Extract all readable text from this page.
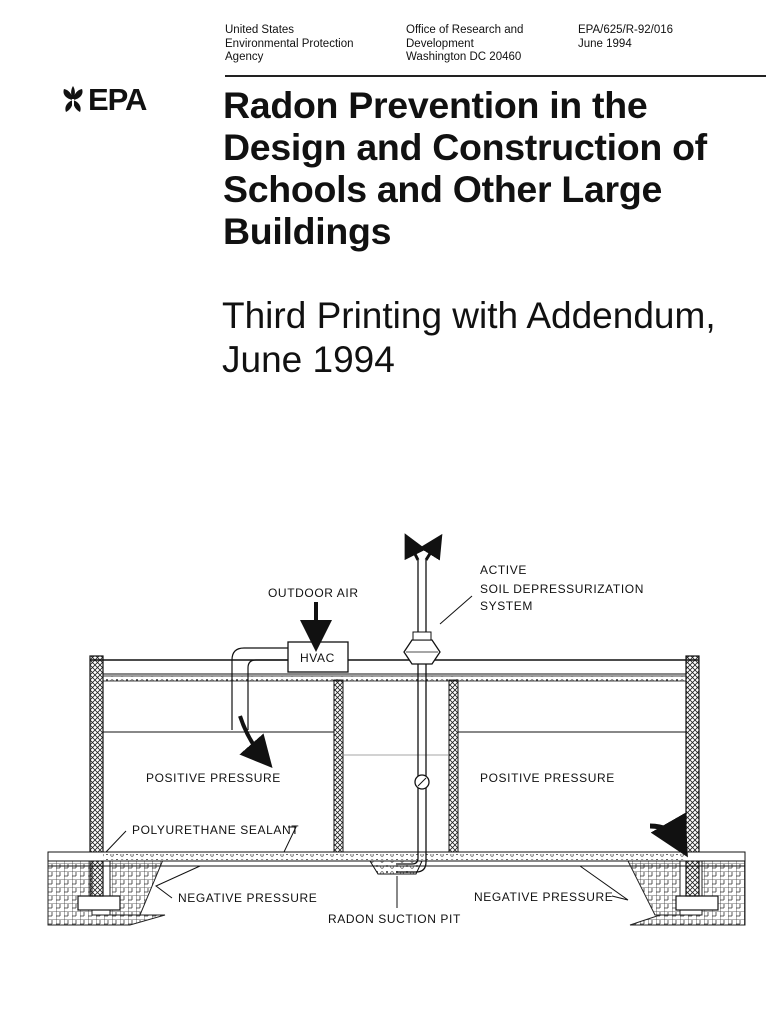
United States
Environmental Protection
Agency
Office of Research and
Development
Washington DC 20460
EPA/625/R-92/016
June 1994
EPA Radon Prevention in the Design and Construction of Schools and Other Large Buildings
Third Printing with Addendum, June 1994
ACTIVE
SOIL DEPRESSURIZATION
SYSTEM
OUTDOOR AIR
HVAC
POSITIVE PRESSURE	POSITIVE PRESSURE
POLYURETHANE SEALANT
NEGATIVE PRESSURE	NEGATIVE PRESSURE
RADON SUCTION PIT
